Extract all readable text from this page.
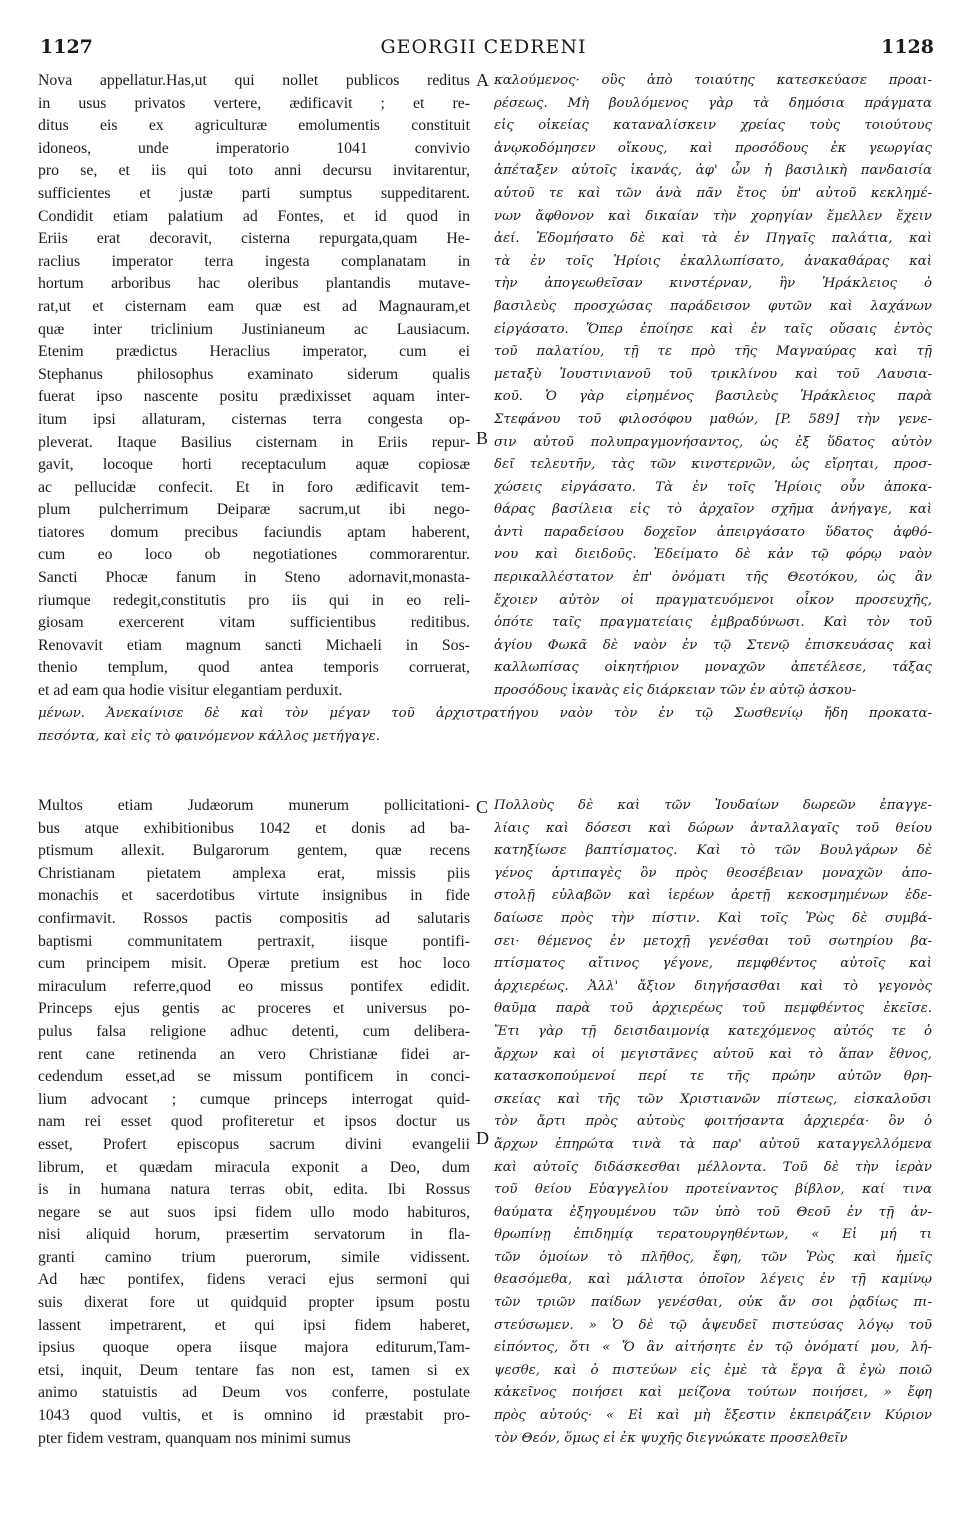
1127	GEORGII CEDRENI	1128
A
B
C
D
Nova appellatur.Has,ut qui nollet publicos reditus
in usus privatos vertere, ædificavit ; et re-
ditus eis ex agriculturæ emolumentis constituit
idoneos, unde imperatorio 1041 convivio
pro se, et iis qui toto anni decursu invitarentur,
sufficientes et justæ parti sumptus suppeditarent.
Condidit etiam palatium ad Fontes, et id quod in
Eriis erat decoravit, cisterna repurgata,quam He-
raclius imperator terra ingesta complanatam in
hortum arboribus hac oleribus plantandis mutave-
rat,ut et cisternam eam quæ est ad Magnauram,et
quæ inter triclinium Justinianeum ac Lausiacum.
Etenim prædictus Heraclius imperator, cum ei
Stephanus philosophus examinato siderum qualis
fuerat ipso nascente positu prædixisset aquam inter-
itum ipsi allaturam, cisternas terra congesta op-
pleverat. Itaque Basilius cisternam in Eriis repur-
gavit, locoque horti receptaculum aquæ copiosæ
ac pellucidæ confecit. Et in foro ædificavit tem-
plum pulcherrimum Deiparæ sacrum,ut ibi nego-
tiatores domum precibus faciundis aptam haberent,
cum eo loco ob negotiationes commorarentur.
Sancti Phocæ fanum in Steno adornavit,monasta-
riumque redegit,constitutis pro iis qui in eo reli-
giosam exercerent vitam sufficientibus reditibus.
Renovavit etiam magnum sancti Michaeli in Sos-
thenio templum, quod antea temporis corruerat,
et ad eam qua hodie visitur elegantiam perduxit.
καλούμενος· οὓς ἀπὸ τοιαύτης κατεσκεύασε προαι-
ρέσεως. Μὴ βουλόμενος γὰρ τὰ δημόσια πράγματα
εἰς οἰκείας καταναλίσκειν χρείας τοὺς τοιούτους
ἀνῳκοδόμησεν οἴκους, καὶ προσόδους ἐκ γεωργίας
ἀπέταξεν αὐτοῖς ἱκανάς, ἀφ' ὧν ἡ βασιλικὴ πανδαισία
αὐτοῦ τε καὶ τῶν ἀνὰ πᾶν ἔτος ὑπ' αὐτοῦ κεκλημέ-
νων ἄφθονον καὶ δικαίαν τὴν χορηγίαν ἔμελλεν ἔχειν
ἀεί. Ἐδομήσατο δὲ καὶ τὰ ἐν Πηγαῖς παλάτια, καὶ
τὰ ἐν τοῖς Ἡρίοις ἐκαλλωπίσατο, ἀνακαθάρας καὶ
τὴν ἀπογεωθεῖσαν κινστέρναν, ἣν Ἡράκλειος ὁ
βασιλεὺς προσχώσας παράδεισον φυτῶν καὶ λαχάνων
εἰργάσατο. Ὅπερ ἐποίησε καὶ ἐν ταῖς οὔσαις ἐντὸς
τοῦ παλατίου, τῇ τε πρὸ τῆς Μαγναύρας καὶ τῇ
μεταξὺ Ἰουστινιανοῦ τοῦ τρικλίνου καὶ τοῦ Λαυσια-
κοῦ. Ὁ γὰρ εἰρημένος βασιλεὺς Ἡράκλειος παρὰ
Στεφάνου τοῦ φιλοσόφου μαθών, [P. 589] τὴν γενε-
σιν αὐτοῦ πολυπραγμονήσαντος, ὡς ἐξ ὕδατος αὐτὸν
δεῖ τελευτῆν, τὰς τῶν κινστερνῶν, ὡς εἴρηται, προσ-
χώσεις εἰργάσατο. Τὰ ἐν τοῖς Ἡρίοις οὖν ἀποκα-
θάρας βασίλεια εἰς τὸ ἀρχαῖον σχῆμα ἀνήγαγε, καὶ
ἀντὶ παραδείσου δοχεῖον ἀπειργάσατο ὕδατος ἀφθό-
νου καὶ διειδοῦς. Ἐδείματο δὲ κἀν τῷ φόρῳ ναὸν
περικαλλέστατον ἐπ' ὀνόματι τῆς Θεοτόκου, ὡς ἂν
ἔχοιεν αὐτὸν οἱ πραγματευόμενοι οἶκον προσευχῆς,
ὁπότε ταῖς πραγματείαις ἐμβραδύνωσι. Καὶ τὸν τοῦ
ἁγίου Φωκᾶ δὲ ναὸν ἐν τῷ Στενῷ ἐπισκευάσας καὶ
καλλωπίσας οἰκητήριον μοναχῶν ἀπετέλεσε, τάξας
προσόδους ἱκανὰς εἰς διάρκειαν τῶν ἐν αὐτῷ ἀσκου-
μένων. Ἀνεκαίνισε δὲ καὶ τὸν μέγαν τοῦ ἀρχιστρατήγου ναὸν τὸν ἐν τῷ Σωσθενίῳ ἤδη προκατα-
πεσόντα, καὶ εἰς τὸ φαινόμενον κάλλος μετήγαγε.
Multos etiam Judæorum munerum pollicitationi-
bus atque exhibitionibus 1042 et donis ad ba-
ptismum allexit. Bulgarorum gentem, quæ recens
Christianam pietatem amplexa erat, missis piis
monachis et sacerdotibus virtute insignibus in fide
confirmavit. Rossos pactis compositis ad salutaris
baptismi communitatem pertraxit, iisque pontifi-
cum principem misit. Operæ pretium est hoc loco
miraculum referre,quod eo missus pontifex edidit.
Princeps ejus gentis ac proceres et universus po-
pulus falsa religione adhuc detenti, cum delibera-
rent cane retinenda an vero Christianæ fidei ar-
cedendum esset,ad se missum pontificem in conci-
lium advocant ; cumque princeps interrogat quid-
nam rei esset quod profiteretur et ipsos doctur us
esset, Profert episcopus sacrum divini evangelii
librum, et quædam miracula exponit a Deo, dum
is in humana natura terras obit, edita. Ibi Rossus
negare se aut suos ipsi fidem ullo modo habituros,
nisi aliquid horum, præsertim servatorum in fla-
granti camino trium puerorum, simile vidissent.
Ad hæc pontifex, fidens veraci ejus sermoni qui
suis dixerat fore ut quidquid propter ipsum postu
lassent impetrarent, et qui ipsi fidem haberet,
ipsius quoque opera iisque majora editurum,Tam-
etsi, inquit, Deum tentare fas non est, tamen si ex
animo statuistis ad Deum vos conferre, postulate
1043 quod vultis, et is omnino id præstabit pro-
pter fidem vestram, quanquam nos minimi sumus
Πολλοὺς δὲ καὶ τῶν Ἰουδαίων δωρεῶν ἐπαγγε-
λίαις καὶ δόσεσι καὶ δώρων ἀνταλλαγαῖς τοῦ θείου
κατηξίωσε βαπτίσματος. Καὶ τὸ τῶν Βουλγάρων δὲ
γένος ἀρτιπαγὲς ὂν πρὸς θεοσέβειαν μοναχῶν ἀπο-
στολῇ εὐλαβῶν καὶ ἱερέων ἀρετῇ κεκοσμημένων ἐδε-
δαίωσε πρὸς τὴν πίστιν. Καὶ τοῖς Ῥὼς δὲ συμβά-
σει· θέμενος ἐν μετοχῇ γενέσθαι τοῦ σωτηρίου βα-
πτίσματος αἴτινος γέγονε, πεμφθέντος αὐτοῖς καὶ
ἀρχιερέως. Ἀλλ' ἄξιον διηγήσασθαι καὶ τὸ γεγονὸς
θαῦμα παρὰ τοῦ ἀρχιερέως τοῦ πεμφθέντος ἐκεῖσε.
Ἔτι γὰρ τῇ δεισιδαιμονίᾳ κατεχόμενος αὐτός τε ὁ
ἄρχων καὶ οἱ μεγιστᾶνες αὐτοῦ καὶ τὸ ἅπαν ἔθνος,
κατασκοπούμενοί περί τε τῆς πρώην αὐτῶν θρη-
σκείας καὶ τῆς τῶν Χριστιανῶν πίστεως, εἰσκαλοῦσι
τὸν ἄρτι πρὸς αὐτοὺς φοιτήσαντα ἀρχιερέα· ὃν ὁ
ἄρχων ἐπηρώτα τινὰ τὰ παρ' αὐτοῦ καταγγελλόμενα
καὶ αὐτοῖς διδάσκεσθαι μέλλοντα. Τοῦ δὲ τὴν ἱερὰν
τοῦ θείου Εὐαγγελίου προτείναντος βίβλον, καί τινα
θαύματα ἐξηγουμένου τῶν ὑπὸ τοῦ Θεοῦ ἐν τῇ ἀν-
θρωπίνῃ ἐπιδημίᾳ τερατουργηθέντων, « Εἰ μή τι
τῶν ὁμοίων τὸ πλῆθος, ἔφη, τῶν Ῥὼς καὶ ἡμεῖς
θεασόμεθα, καὶ μάλιστα ὁποῖον λέγεις ἐν τῇ καμίνῳ
τῶν τριῶν παίδων γενέσθαι, οὐκ ἄν σοι ῥᾳδίως πι-
στεύσωμεν. » Ὁ δὲ τῷ ἀψευδεῖ πιστεύσας λόγῳ τοῦ
εἰπόντος, ὅτι « Ὅ ἂν αἰτήσητε ἐν τῷ ὀνόματί μου, λή-
ψεσθε, καὶ ὁ πιστεύων εἰς ἐμὲ τὰ ἔργα ἃ ἐγὼ ποιῶ
κἀκεῖνος ποιήσει καὶ μείζονα τούτων ποιήσει, » ἔφη
πρὸς αὐτούς· « Εἰ καὶ μὴ ἔξεστιν ἐκπειράζειν Κύριον
τὸν Θεόν, ὅμως εἰ ἐκ ψυχῆς διεγνώκατε προσελθεῖν
